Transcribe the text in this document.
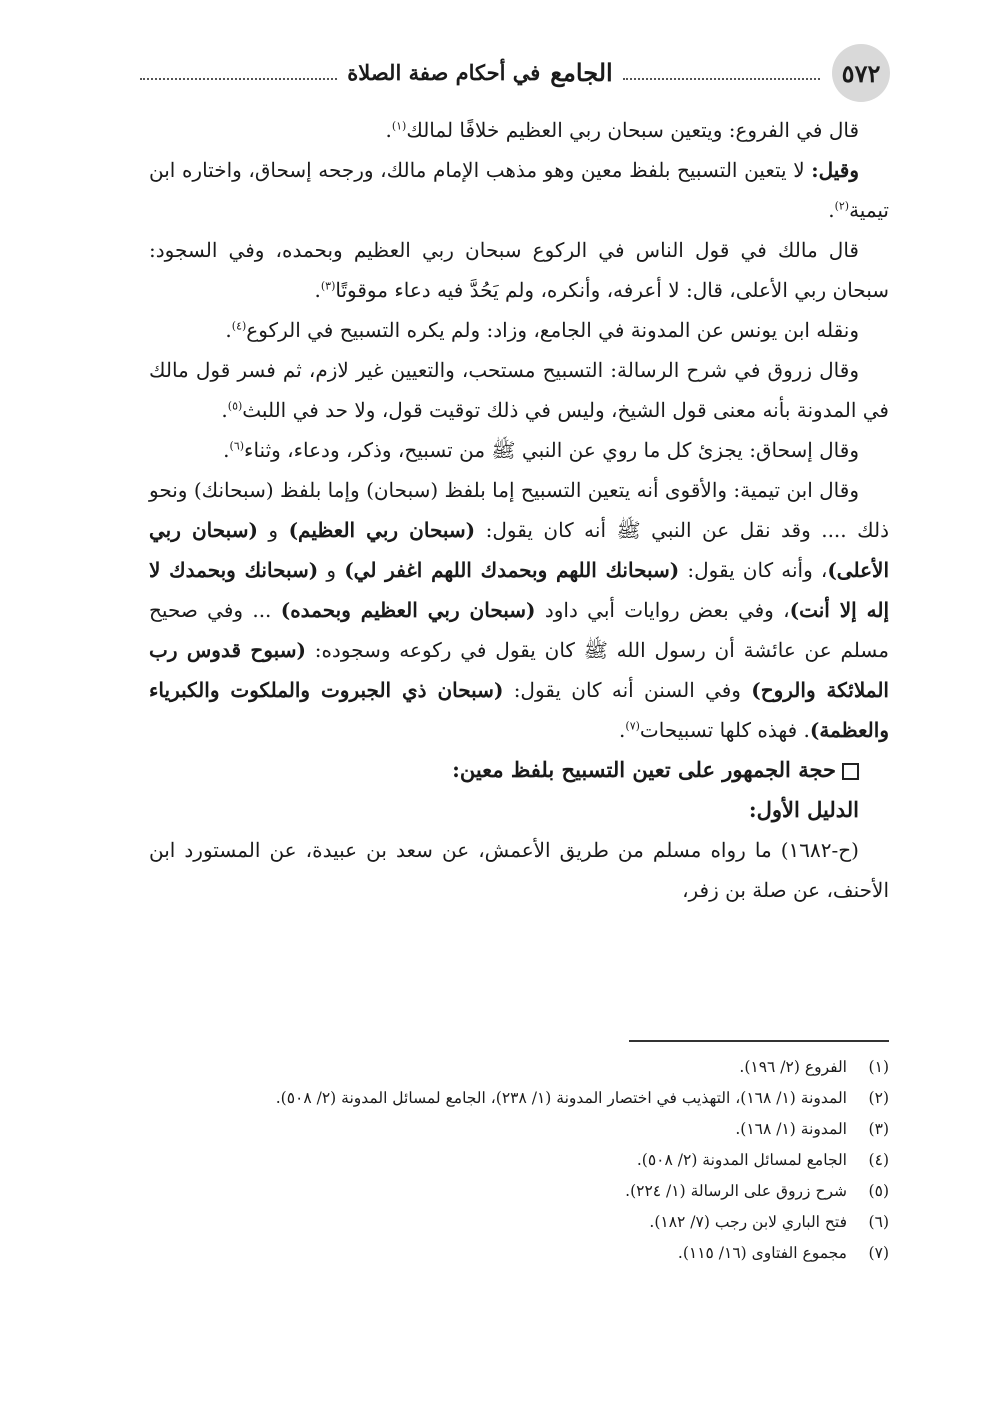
٥٧٢
الجامع
في أحكام صفة الصلاة

قال في الفروع: ويتعين سبحان ربي العظيم خلافًا لمالك$^{(١)}$.

وقيل: لا يتعين التسبيح بلفظ معين وهو مذهب الإمام مالك، ورجحه إسحاق، واختاره ابن تيمية$^{(٢)}$.

قال مالك في قول الناس في الركوع سبحان ربي العظيم وبحمده، وفي السجود: سبحان ربي الأعلى، قال: لا أعرفه، وأنكره، ولم يَحُدَّ فيه دعاء موقوتًا$^{(٣)}$.

ونقله ابن يونس عن المدونة في الجامع، وزاد: ولم يكره التسبيح في الركوع$^{(٤)}$.

وقال زروق في شرح الرسالة: التسبيح مستحب، والتعيين غير لازم، ثم فسر قول مالك في المدونة بأنه معنى قول الشيخ، وليس في ذلك توقيت قول، ولا حد في اللبث$^{(٥)}$.

وقال إسحاق: يجزئ كل ما روي عن النبي ﷺ من تسبيح، وذكر، ودعاء، وثناء$^{(٦)}$.

وقال ابن تيمية: والأقوى أنه يتعين التسبيح إما بلفظ (سبحان) وإما بلفظ (سبحانك) ونحو ذلك .... وقد نقل عن النبي ﷺ أنه كان يقول: (سبحان ربي العظيم) و (سبحان ربي الأعلى)، وأنه كان يقول: (سبحانك اللهم وبحمدك اللهم اغفر لي) و (سبحانك وبحمدك لا إله إلا أنت)، وفي بعض روايات أبي داود (سبحان ربي العظيم وبحمده) ... وفي صحيح مسلم عن عائشة أن رسول الله ﷺ كان يقول في ركوعه وسجوده: (سبوح قدوس رب الملائكة والروح) وفي السنن أنه كان يقول: (سبحان ذي الجبروت والملكوت والكبرياء والعظمة). فهذه كلها تسبيحات$^{(٧)}$.

حجة الجمهور على تعين التسبيح بلفظ معين:

الدليل الأول:

(ح-١٦٨٢) ما رواه مسلم من طريق الأعمش، عن سعد بن عبيدة، عن المستورد ابن الأحنف، عن صلة بن زفر،

(١)
الفروع (٢/ ١٩٦).
(٢)
المدونة (١/ ١٦٨)، التهذيب في اختصار المدونة (١/ ٢٣٨)، الجامع لمسائل المدونة (٢/ ٥٠٨).
(٣)
المدونة (١/ ١٦٨).
(٤)
الجامع لمسائل المدونة (٢/ ٥٠٨).
(٥)
شرح زروق على الرسالة (١/ ٢٢٤).
(٦)
فتح الباري لابن رجب (٧/ ١٨٢).
(٧)
مجموع الفتاوى (١٦/ ١١٥).
